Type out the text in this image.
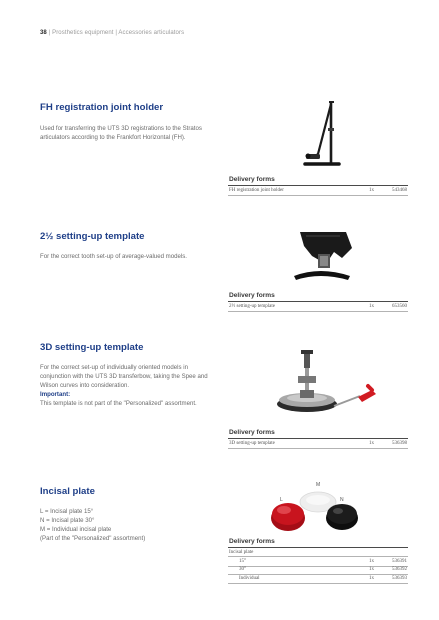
38 | Prosthetics equipment | Accessories articulators
FH registration joint holder
Used for transferring the UTS 3D registrations to the Stratos articulators according to the Frankfort Horizontal (FH).
Delivery forms
FH registration joint holder	1x	543468
2½ setting-up template
For the correct tooth set-up of average-valued models.
Delivery forms
2½ setting-up template	1x	653560
3D setting-up template
For the correct set-up of individually oriented models in conjunction with the UTS 3D transferbow, taking the Spee and Wilson curves into consideration.
Important:
This template is not part of the "Personalized" assortment.
Delivery forms
3D setting-up template	1x	536398
Incisal plate
L = Incisal plate 15°
N = Incisal plate 30°
M = Individual incisal plate
(Part of the "Personalized" assortment)
L
M
N
Delivery forms
Incisal plate
15°	1x	536391
30°	1x	536392
Individual	1x	536393
